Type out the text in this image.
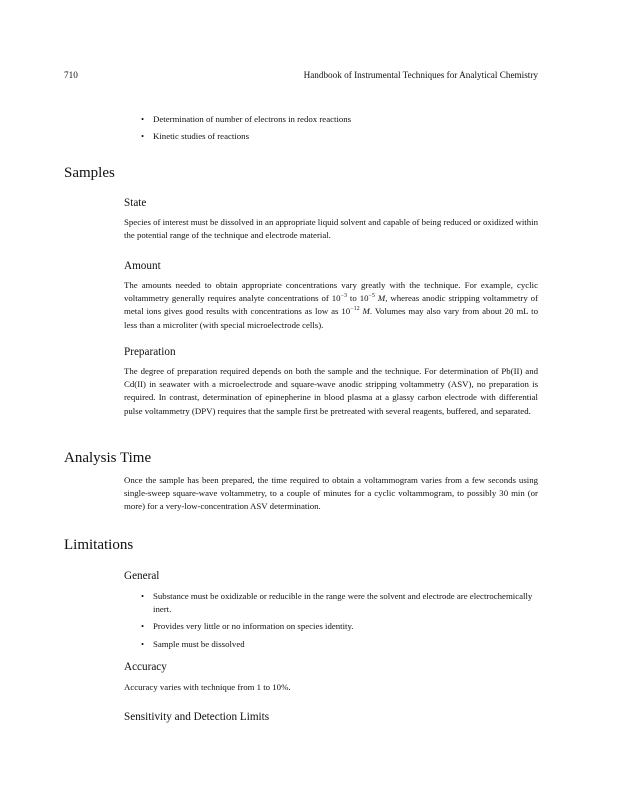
710	Handbook of Instrumental Techniques for Analytical Chemistry
• Determination of number of electrons in redox reactions
• Kinetic studies of reactions
Samples
State

Species of interest must be dissolved in an appropriate liquid solvent and capable of being reduced or oxidized within the potential range of the technique and electrode material.

Amount

The amounts needed to obtain appropriate concentrations vary greatly with the technique. For example, cyclic voltammetry generally requires analyte concentrations of $10^{-3}$ to $10^{-5}$ M, whereas anodic stripping voltammetry of metal ions gives good results with concentrations as low as $10^{-12}$ M. Volumes may also vary from about 20 mL to less than a microliter (with special microelectrode cells).

Preparation

The degree of preparation required depends on both the sample and the technique. For determination of Pb(II) and Cd(II) in seawater with a microelectrode and square-wave anodic stripping voltammetry (ASV), no preparation is required. In contrast, determination of epinepherine in blood plasma at a glassy carbon electrode with differential pulse voltammetry (DPV) requires that the sample first be pretreated with several reagents, buffered, and separated.

Analysis Time

Once the sample has been prepared, the time required to obtain a voltammogram varies from a few seconds using single-sweep square-wave voltammetry, to a couple of minutes for a cyclic voltammogram, to possibly 30 min (or more) for a very-low-concentration ASV determination.

Limitations
General
• Substance must be oxidizable or reducible in the range were the solvent and electrode are electrochemically inert.
• Provides very little or no information on species identity.
• Sample must be dissolved
Accuracy

Accuracy varies with technique from 1 to 10%.

Sensitivity and Detection Limits
